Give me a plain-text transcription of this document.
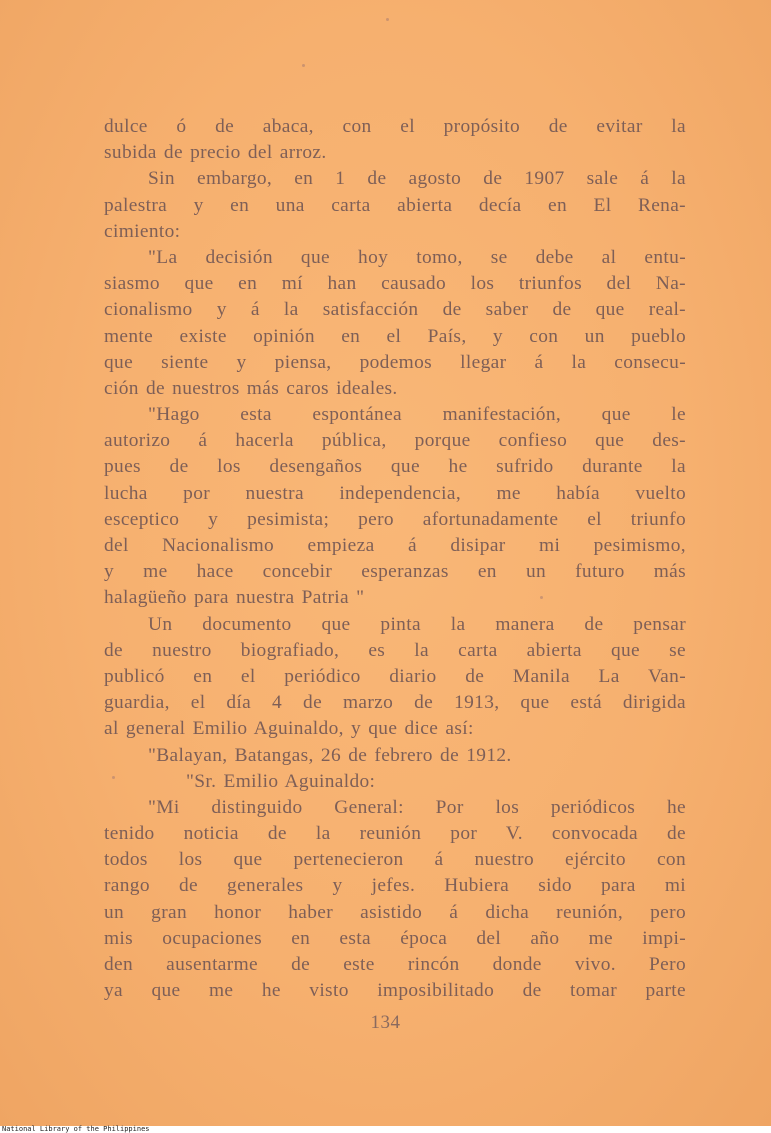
dulce ó de abaca, con el propósito de evitar la
subida de precio del arroz.
Sin embargo, en 1 de agosto de 1907 sale á la
palestra y en una carta abierta decía en El Rena-
cimiento:
"La decisión que hoy tomo, se debe al entu-
siasmo que en mí han causado los triunfos del Na-
cionalismo y á la satisfacción de saber de que real-
mente existe opinión en el País, y con un pueblo
que siente y piensa, podemos llegar á la consecu-
ción de nuestros más caros ideales.
"Hago esta espontánea manifestación, que le
autorizo á hacerla pública, porque confieso que des-
pues de los desengaños que he sufrido durante la
lucha por nuestra independencia, me había vuelto
esceptico y pesimista; pero afortunadamente el triunfo
del Nacionalismo empieza á disipar mi pesimismo,
y me hace concebir esperanzas en un futuro más
halagüeño para nuestra Patria "
Un documento que pinta la manera de pensar
de nuestro biografiado, es la carta abierta que se
publicó en el periódico diario de Manila La Van-
guardia, el día 4 de marzo de 1913, que está dirigida
al general Emilio Aguinaldo, y que dice así:
"Balayan, Batangas, 26 de febrero de 1912.
"Sr. Emilio Aguinaldo:
"Mi distinguido General: Por los periódicos he
tenido noticia de la reunión por V. convocada de
todos los que pertenecieron á nuestro ejército con
rango de generales y jefes. Hubiera sido para mi
un gran honor haber asistido á dicha reunión, pero
mis ocupaciones en esta época del año me impi-
den ausentarme de este rincón donde vivo. Pero
ya que me he visto imposibilitado de tomar parte
134
National Library of the Philippines
